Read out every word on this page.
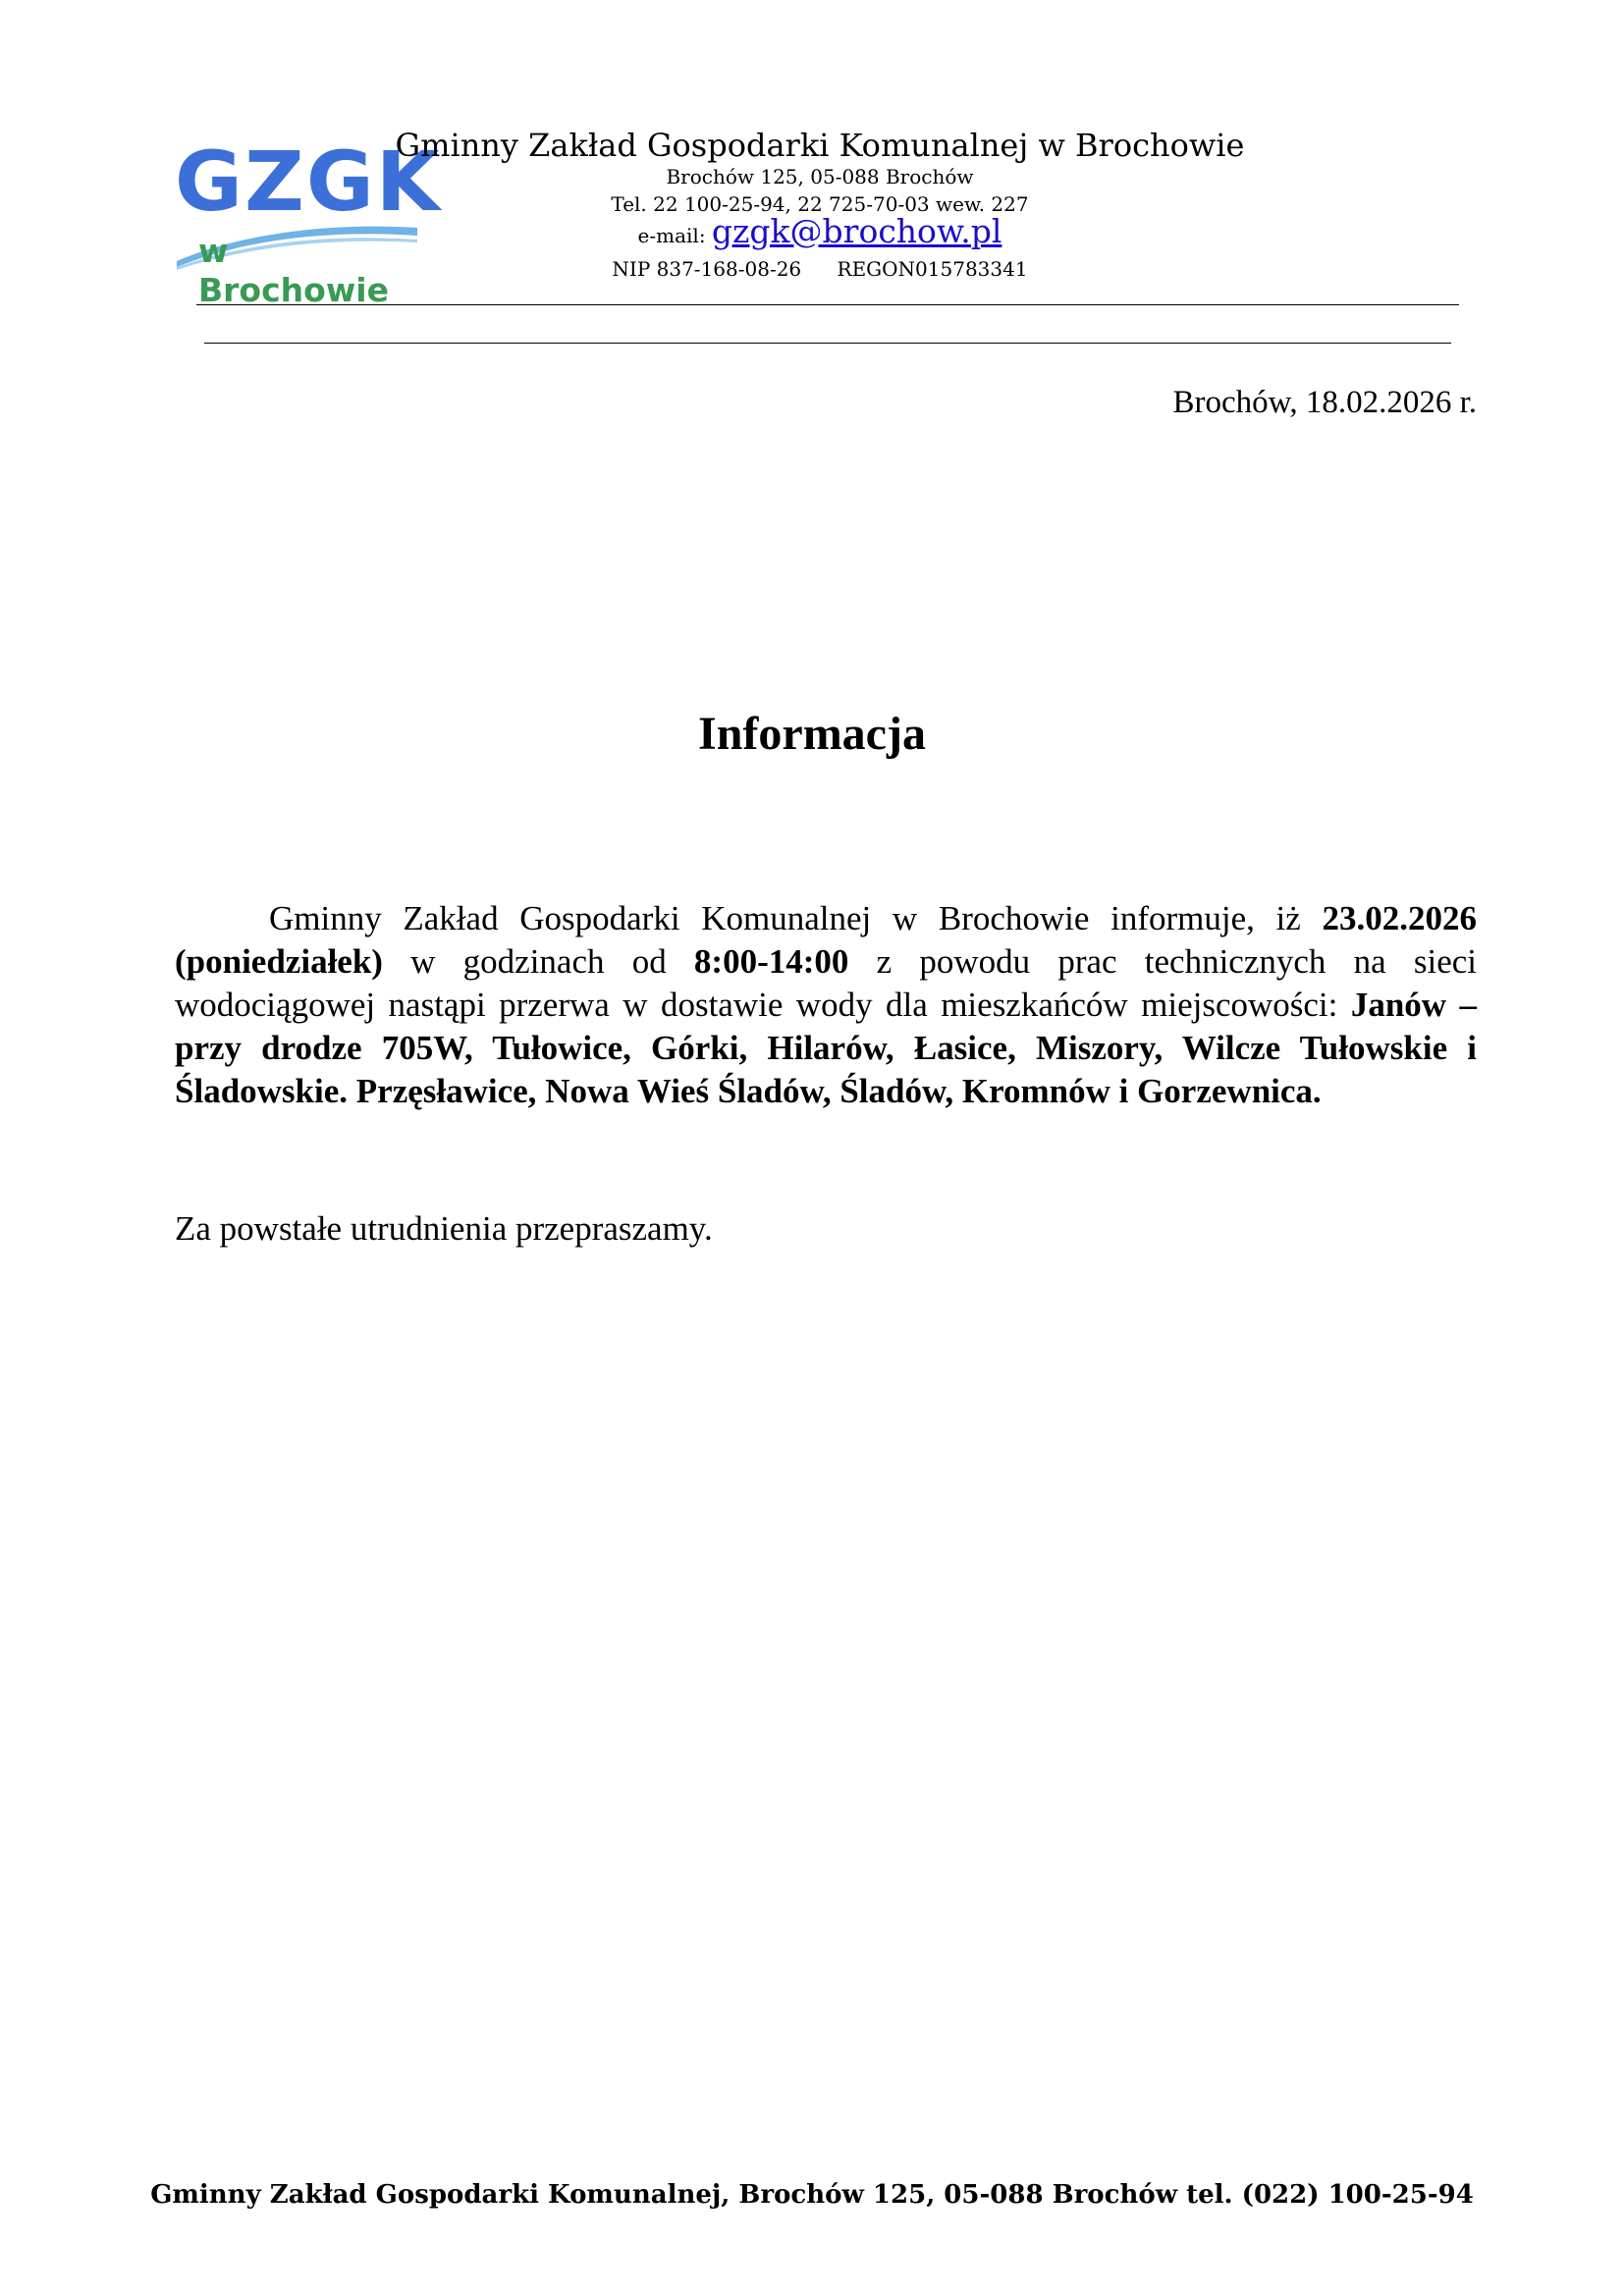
GZGK
w Brochowie
Gminny Zakład Gospodarki Komunalnej w Brochowie
Brochów 125, 05-088 Brochów
Tel. 22 100-25-94, 22 725-70-03 wew. 227
e-mail: gzgk@brochow.pl
NIP 837-168-08-26 REGON015783341
Brochów, 18.02.2026 r.
Informacja

Gminny Zakład Gospodarki Komunalnej w Brochowie informuje, iż 23.02.2026 (poniedziałek) w godzinach od 8:00-14:00 z powodu prac technicznych na sieci wodociągowej nastąpi przerwa w dostawie wody dla mieszkańców miejscowości: Janów – przy drodze 705W, Tułowice, Górki, Hilarów, Łasice, Miszory, Wilcze Tułowskie i Śladowskie. Przęsławice, Nowa Wieś Śladów, Śladów, Kromnów i Gorzewnica.

Za powstałe utrudnienia przepraszamy.
Gminny Zakład Gospodarki Komunalnej, Brochów 125, 05-088 Brochów tel. (022) 100-25-94
